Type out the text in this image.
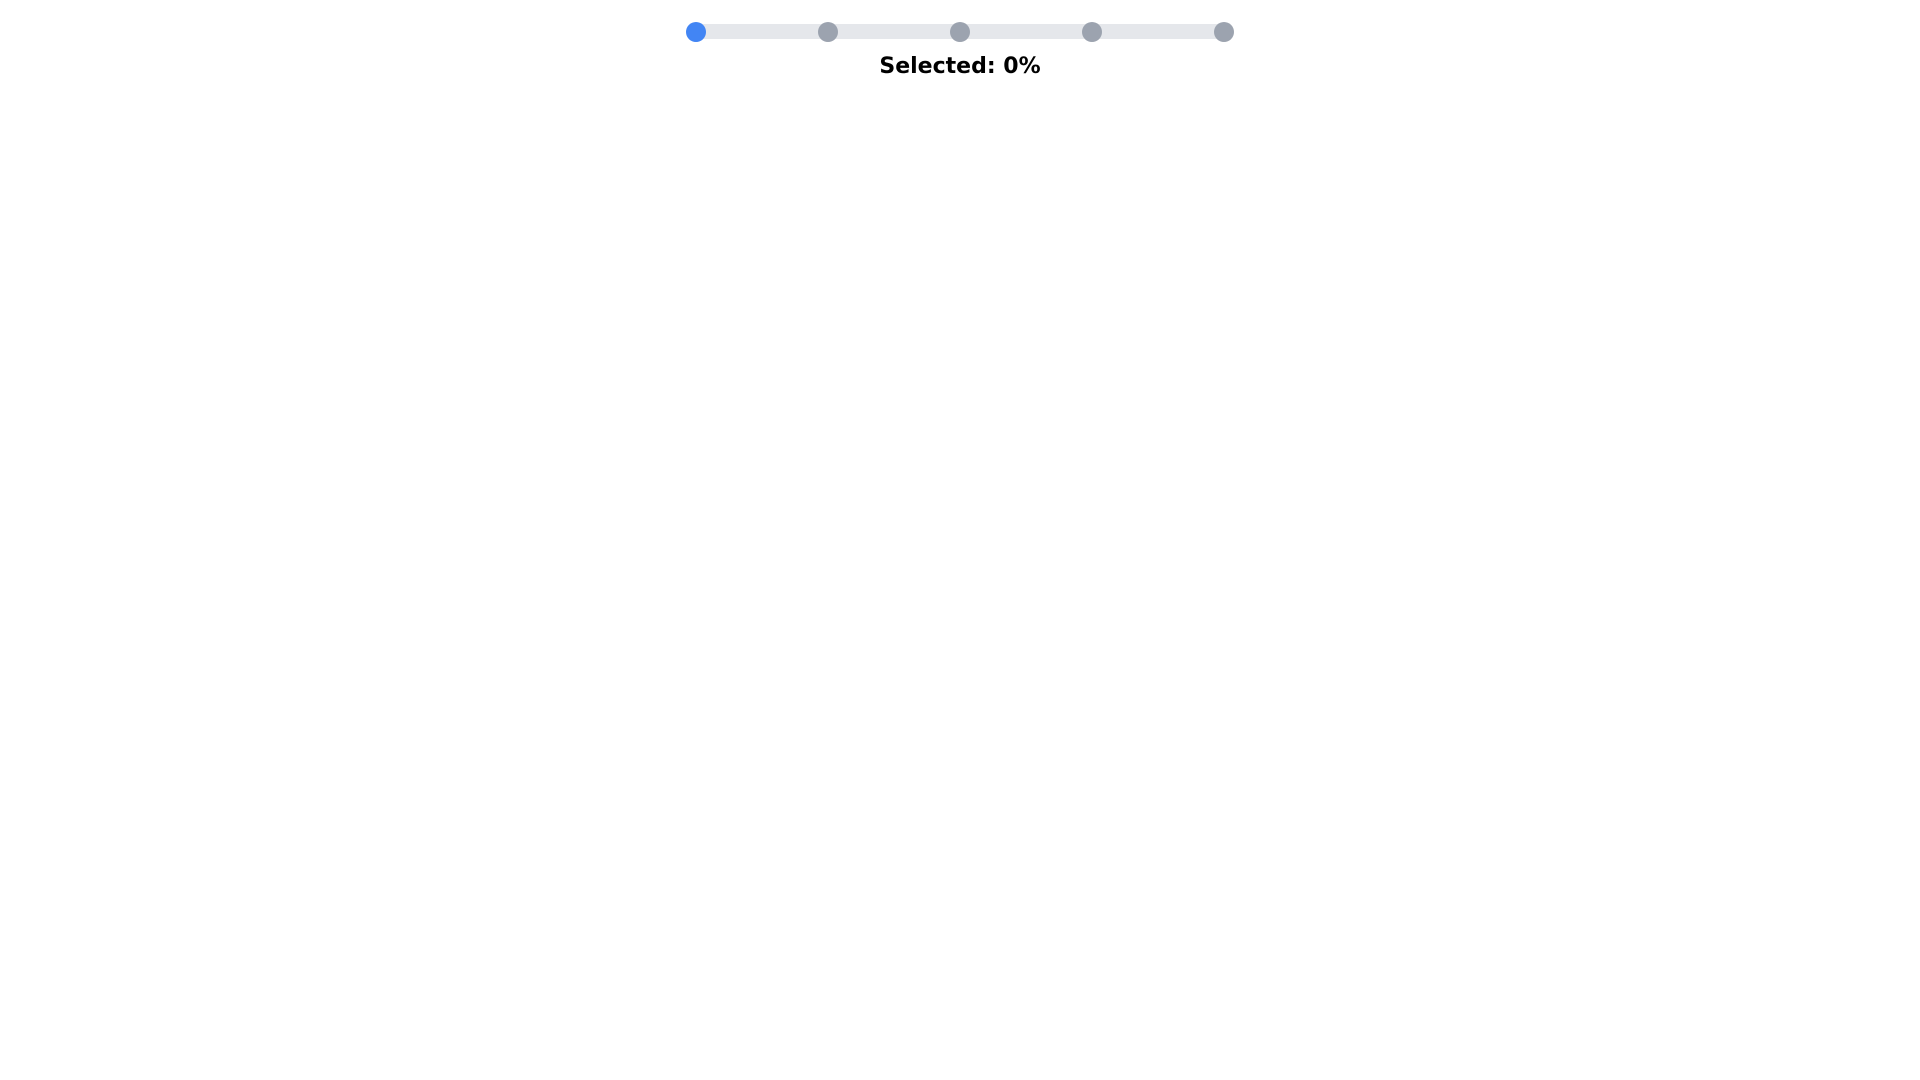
Selected: 0%
